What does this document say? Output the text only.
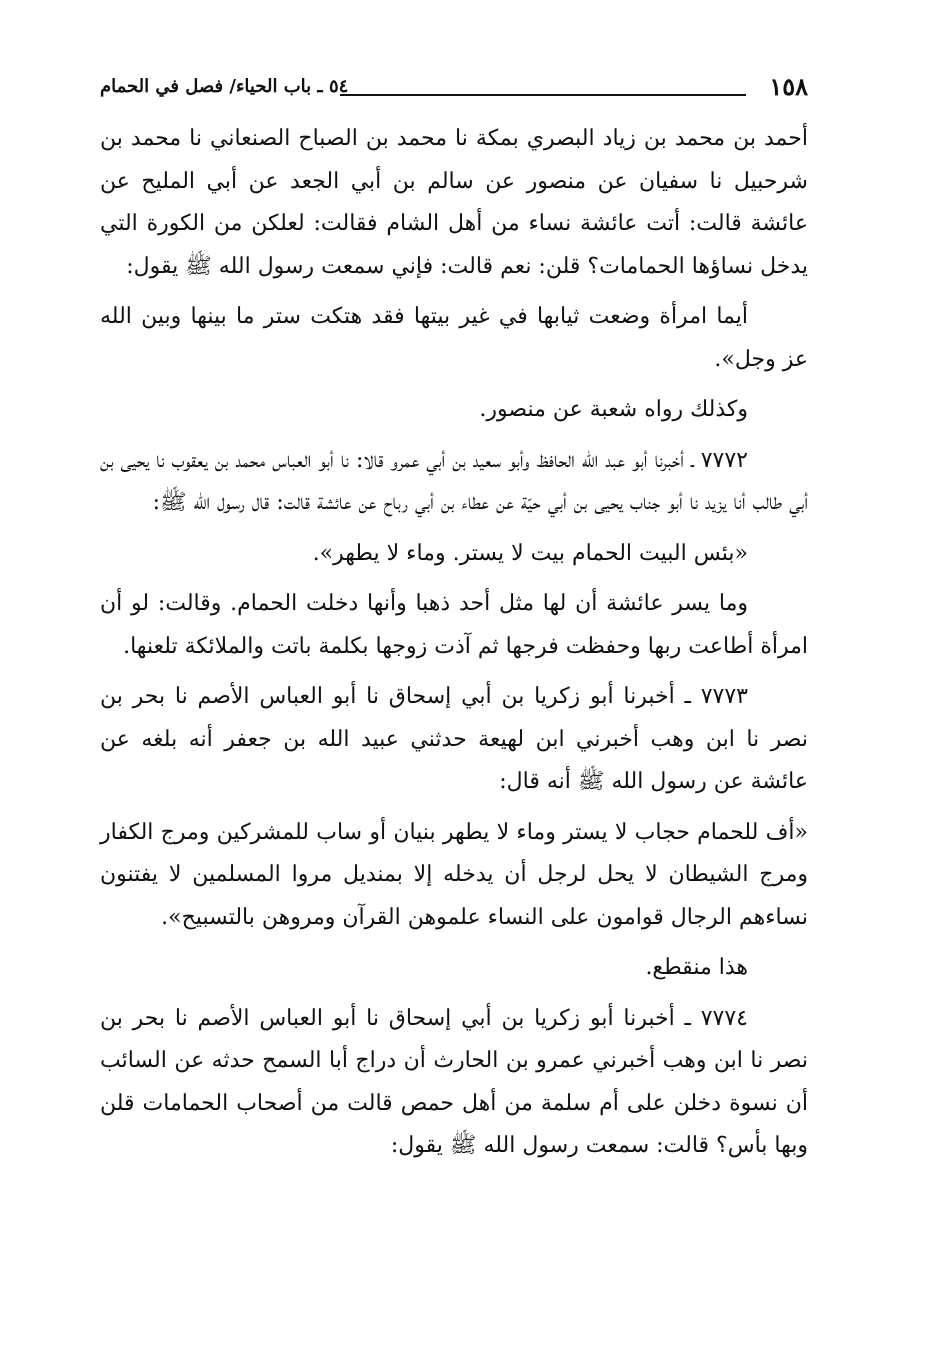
١٥٨
٥٤ ـ باب الحياء/ فصل في الحمام

أحمد بن محمد بن زياد البصري بمكة نا محمد بن الصباح الصنعاني نا محمد بن شرحبيل نا سفيان عن منصور عن سالم بن أبي الجعد عن أبي المليح عن عائشة قالت: أتت عائشة نساء من أهل الشام فقالت: لعلكن من الكورة التي يدخل نساؤها الحمامات؟ قلن: نعم قالت: فإني سمعت رسول الله ﷺ يقول:

أيما امرأة وضعت ثيابها في غير بيتها فقد هتكت ستر ما بينها وبين الله عز وجل».

وكذلك رواه شعبة عن منصور.

٧٧٧٢ ـ أخبرنا أبو عبد الله الحافظ وأبو سعيد بن أبي عمرو قالا: نا أبو العباس محمد بن يعقوب نا يحيى بن أبي طالب أنا يزيد نا أبو جناب يحيى بن أبي حيّة عن عطاء بن أبي رباح عن عائشة قالت: قال رسول الله ﷺ:

«بئس البيت الحمام بيت لا يستر. وماء لا يطهر».

وما يسر عائشة أن لها مثل أحد ذهبا وأنها دخلت الحمام. وقالت: لو أن امرأة أطاعت ربها وحفظت فرجها ثم آذت زوجها بكلمة باتت والملائكة تلعنها.

٧٧٧٣ ـ أخبرنا أبو زكريا بن أبي إسحاق نا أبو العباس الأصم نا بحر بن نصر نا ابن وهب أخبرني ابن لهيعة حدثني عبيد الله بن جعفر أنه بلغه عن عائشة عن رسول الله ﷺ أنه قال:

«أف للحمام حجاب لا يستر وماء لا يطهر بنيان أو ساب للمشركين ومرج الكفار ومرج الشيطان لا يحل لرجل أن يدخله إلا بمنديل مروا المسلمين لا يفتنون نساءهم الرجال قوامون على النساء علموهن القرآن ومروهن بالتسبيح».

هذا منقطع.

٧٧٧٤ ـ أخبرنا أبو زكريا بن أبي إسحاق نا أبو العباس الأصم نا بحر بن نصر نا ابن وهب أخبرني عمرو بن الحارث أن دراج أبا السمح حدثه عن السائب أن نسوة دخلن على أم سلمة من أهل حمص قالت من أصحاب الحمامات قلن وبها بأس؟ قالت: سمعت رسول الله ﷺ يقول:
